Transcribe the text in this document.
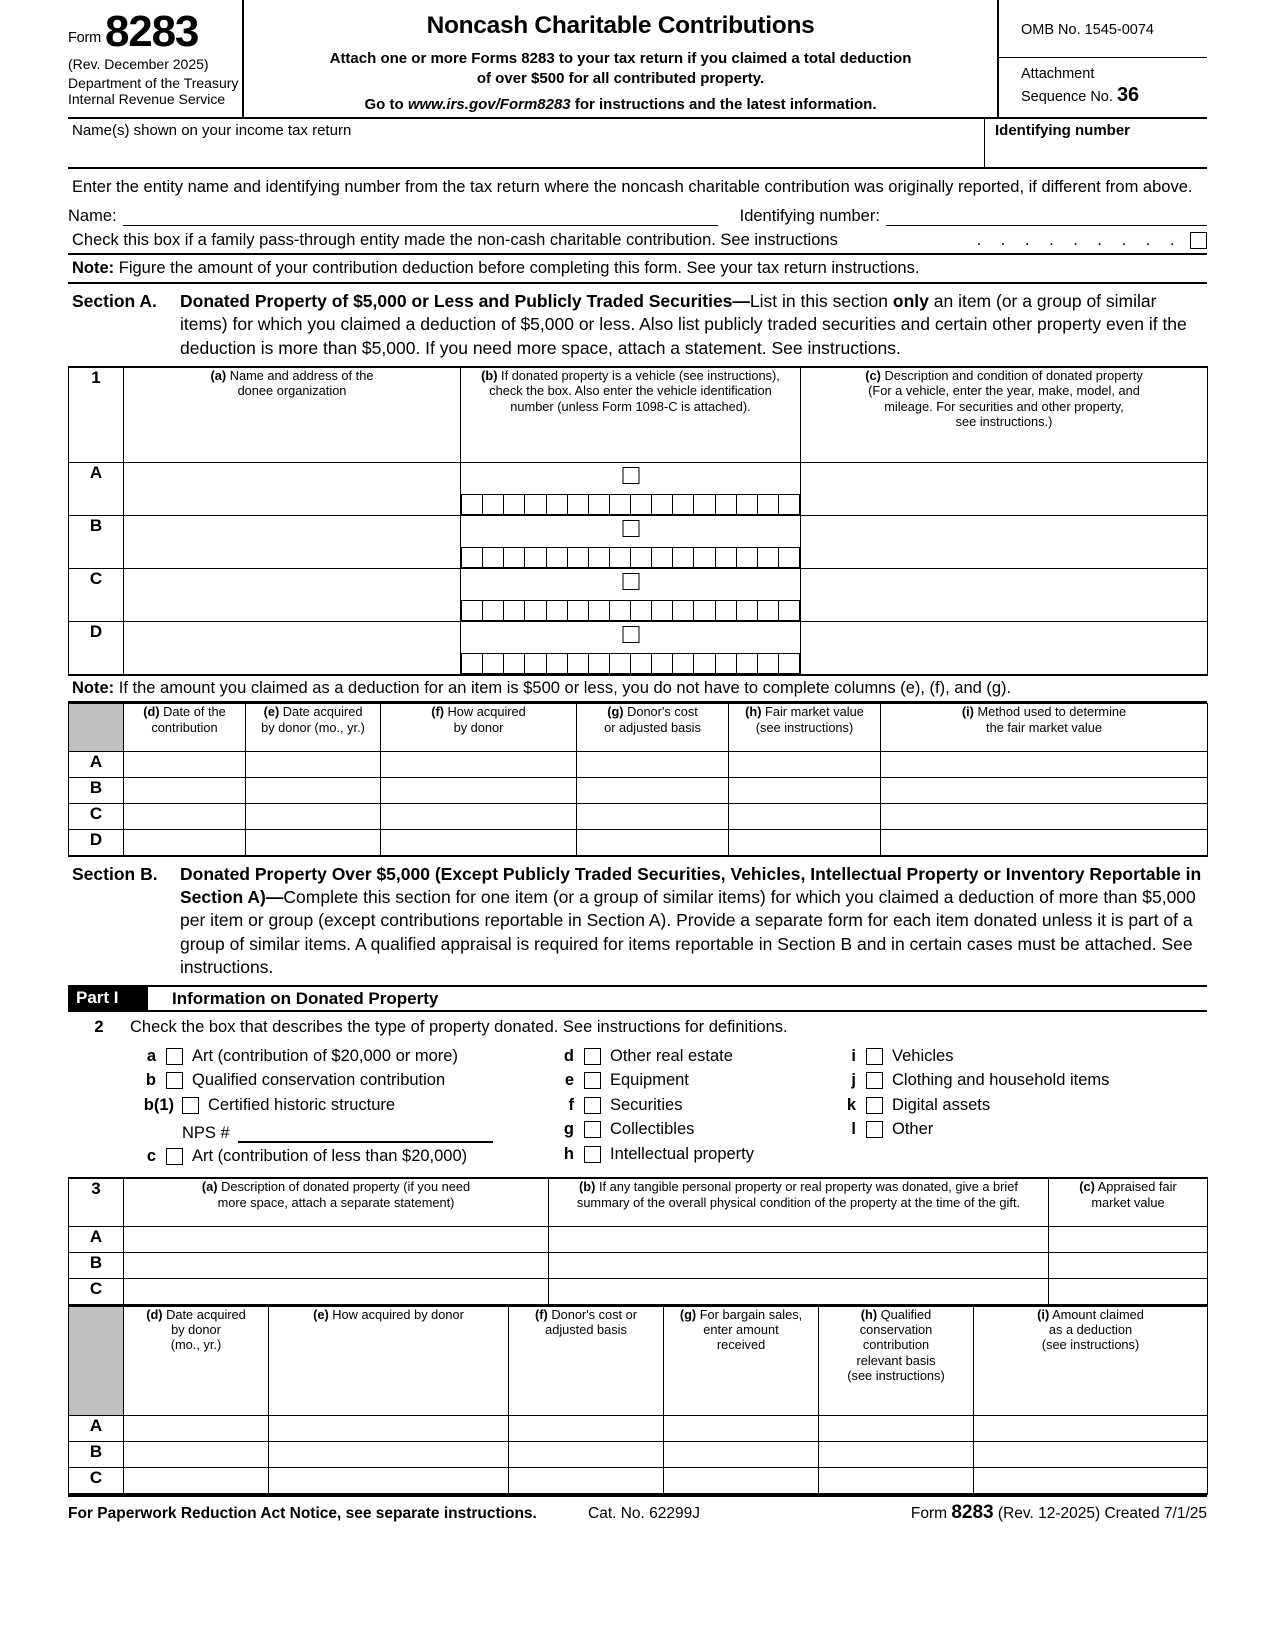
Form 8283
(Rev. December 2025)
Department of the Treasury
Internal Revenue Service
Noncash Charitable Contributions
Attach one or more Forms 8283 to your tax return if you claimed a total deduction
of over $500 for all contributed property.
Go to www.irs.gov/Form8283 for instructions and the latest information.
OMB No. 1545-0074
Attachment
Sequence No. 36
Name(s) shown on your income tax return	Identifying number
Enter the entity name and identifying number from the tax return where the noncash charitable contribution was originally reported, if different from above.
Name:	Identifying number:
Check this box if a family pass-through entity made the non-cash charitable contribution. See instructions	. . . . . . . . .
Note: Figure the amount of your contribution deduction before completing this form. See your tax return instructions.
Section A.	Donated Property of $5,000 or Less and Publicly Traded Securities—List in this section only an item (or a group of similar items) for which you claimed a deduction of $5,000 or less. Also list publicly traded securities and certain other property even if the deduction is more than $5,000. If you need more space, attach a statement. See instructions.
1	(a) Name and address of the
donee organization	(b) If donated property is a vehicle (see instructions),
check the box. Also enter the vehicle identification
number (unless Form 1098-C is attached).	(c) Description and condition of donated property
(For a vehicle, enter the year, make, model, and
mileage. For securities and other property,
see instructions.)
A		

B		

C		

D		

Note: If the amount you claimed as a deduction for an item is $500 or less, you do not have to complete columns (e), (f), and (g).
	(d) Date of the
contribution	(e) Date acquired
by donor (mo., yr.)	(f) How acquired
by donor	(g) Donor's cost
or adjusted basis	(h) Fair market value
(see instructions)	(i) Method used to determine
the fair market value
A						
B						
C						
D						
Section B.	Donated Property Over $5,000 (Except Publicly Traded Securities, Vehicles, Intellectual Property or Inventory Reportable in Section A)—Complete this section for one item (or a group of similar items) for which you claimed a deduction of more than $5,000 per item or group (except contributions reportable in Section A). Provide a separate form for each item donated unless it is part of a group of similar items. A qualified appraisal is required for items reportable in Section B and in certain cases must be attached. See instructions.
Part I	Information on Donated Property
2	Check the box that describes the type of property donated. See instructions for definitions.
a	Art (contribution of $20,000 or more)
b	Qualified conservation contribution
b(1)	Certified historic structure
NPS #
c	Art (contribution of less than $20,000)
d	Other real estate
e	Equipment
f	Securities
g	Collectibles
h	Intellectual property
i	Vehicles
j	Clothing and household items
k	Digital assets
l	Other
3	(a) Description of donated property (if you need
more space, attach a separate statement)	(b) If any tangible personal property or real property was donated, give a brief
summary of the overall physical condition of the property at the time of the gift.	(c) Appraised fair
market value
A			
B			
C			
	(d) Date acquired
by donor
(mo., yr.)	(e) How acquired by donor	(f) Donor's cost or
adjusted basis	(g) For bargain sales,
enter amount
received	(h) Qualified
conservation
contribution
relevant basis
(see instructions)	(i) Amount claimed
as a deduction
(see instructions)
A						
B						
C						
For Paperwork Reduction Act Notice, see separate instructions.	Cat. No. 62299J	Form 8283 (Rev. 12-2025) Created 7/1/25
